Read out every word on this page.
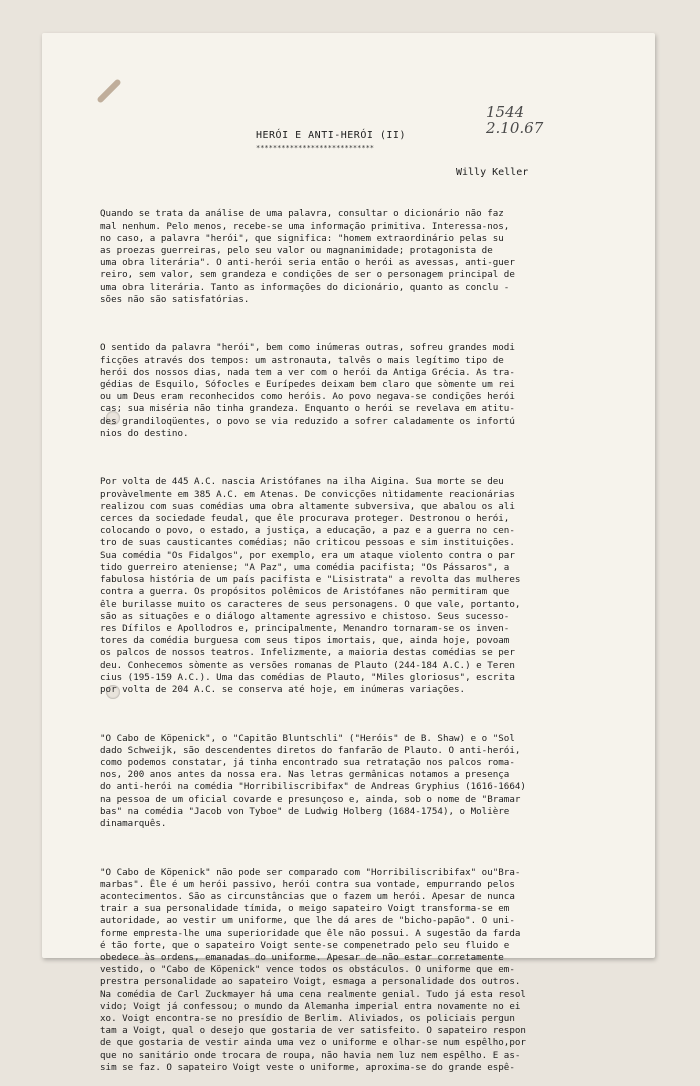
1544
2.10.67
HERÓI E ANTI-HERÓI (II)
****************************
Willy Keller

Quando se trata da análise de uma palavra, consultar o dicionário não faz
mal nenhum. Pelo menos, recebe-se uma informação primitiva. Interessa-nos,
no caso, a palavra "herói", que significa: "homem extraordinário pelas su
as proezas guerreiras, pelo seu valor ou magnanimidade; protagonista de
uma obra literária". O anti-herói seria então o herói as avessas, anti-guer
reiro, sem valor, sem grandeza e condições de ser o personagem principal de
uma obra literária. Tanto as informações do dicionário, quanto as conclu -
sões não são satisfatórias.

O sentido da palavra "herói", bem como inúmeras outras, sofreu grandes modi
ficções através dos tempos: um astronauta, talvês o mais legítimo tipo de
herói dos nossos dias, nada tem a ver com o herói da Antiga Grécia. As tra-
gédias de Esquilo, Sófocles e Eurípedes deixam bem claro que sòmente um rei
ou um Deus eram reconhecidos como heróis. Ao povo negava-se condições herói
cas; sua miséria não tinha grandeza. Enquanto o herói se revelava em atitu-
des grandiloqüentes, o povo se via reduzido a sofrer caladamente os infortú
nios do destino.

Por volta de 445 A.C. nascia Aristófanes na ilha Aigina. Sua morte se deu
provàvelmente em 385 A.C. em Atenas. De convicções nìtidamente reacionárias
realizou com suas comédias uma obra altamente subversiva, que abalou os ali
cerces da sociedade feudal, que êle procurava proteger. Destronou o herói,
colocando o povo, o estado, a justiça, a educação, a paz e a guerra no cen-
tro de suas causticantes comédias; não criticou pessoas e sim instituições.
Sua comédia "Os Fidalgos", por exemplo, era um ataque violento contra o par
tido guerreiro ateniense; "A Paz", uma comédia pacifista; "Os Pássaros", a
fabulosa história de um país pacifista e "Lisistrata" a revolta das mulheres
contra a guerra. Os propósitos polêmicos de Aristófanes não permitiram que
êle burilasse muito os caracteres de seus personagens. O que vale, portanto,
são as situações e o diálogo altamente agressivo e chistoso. Seus sucesso-
res Dífilos e Apollodros e, principalmente, Menandro tornaram-se os inven-
tores da comédia burguesa com seus tipos imortais, que, ainda hoje, povoam
os palcos de nossos teatros. Infelizmente, a maioria destas comédias se per
deu. Conhecemos sòmente as versões romanas de Plauto (244-184 A.C.) e Teren
cius (195-159 A.C.). Uma das comédias de Plauto, "Miles gloriosus", escrita
por volta de 204 A.C. se conserva até hoje, em inúmeras variações.

"O Cabo de Köpenick", o "Capitão Bluntschli" ("Heróis" de B. Shaw) e o "Sol
dado Schweijk, são descendentes diretos do fanfarão de Plauto. O anti-herói,
como podemos constatar, já tinha encontrado sua retratação nos palcos roma-
nos, 200 anos antes da nossa era. Nas letras germânicas notamos a presença
do anti-herói na comédia "Horribiliscribifax" de Andreas Gryphius (1616-1664)
na pessoa de um oficial covarde e presunçoso e, ainda, sob o nome de "Bramar
bas" na comédia "Jacob von Tyboe" de Ludwig Holberg (1684-1754), o Molière
dinamarquês.

"O Cabo de Köpenick" não pode ser comparado com "Horribiliscribifax" ou"Bra-
marbas". Êle é um herói passivo, herói contra sua vontade, empurrando pelos
acontecimentos. São as circunstâncias que o fazem um herói. Apesar de nunca
trair a sua personalidade tímida, o meigo sapateiro Voigt transforma-se em
autoridade, ao vestir um uniforme, que lhe dá ares de "bicho-papão". O uni-
forme empresta-lhe uma superioridade que êle não possui. A sugestão da farda
é tão forte, que o sapateiro Voigt sente-se compenetrado pelo seu fluido e
obedece às ordens, emanadas do uniforme. Apesar de não estar corretamente
vestido, o "Cabo de Köpenick" vence todos os obstáculos. O uniforme que em-
prestra personalidade ao sapateiro Voigt, esmaga a personalidade dos outros.
Na comédia de Carl Zuckmayer há uma cena realmente genial. Tudo já esta resol
vido; Voigt já confessou; o mundo da Alemanha imperial entra novamente no ei
xo. Voigt encontra-se no presídio de Berlim. Aliviados, os policiais pergun
tam a Voigt, qual o desejo que gostaria de ver satisfeito. O sapateiro respon
de que gostaria de vestir ainda uma vez o uniforme e olhar-se num espêlho,por
que no sanitário onde trocara de roupa, não havia nem luz nem espêlho. E as-
sim se faz. O sapateiro Voigt veste o uniforme, aproxima-se do grande espê-
